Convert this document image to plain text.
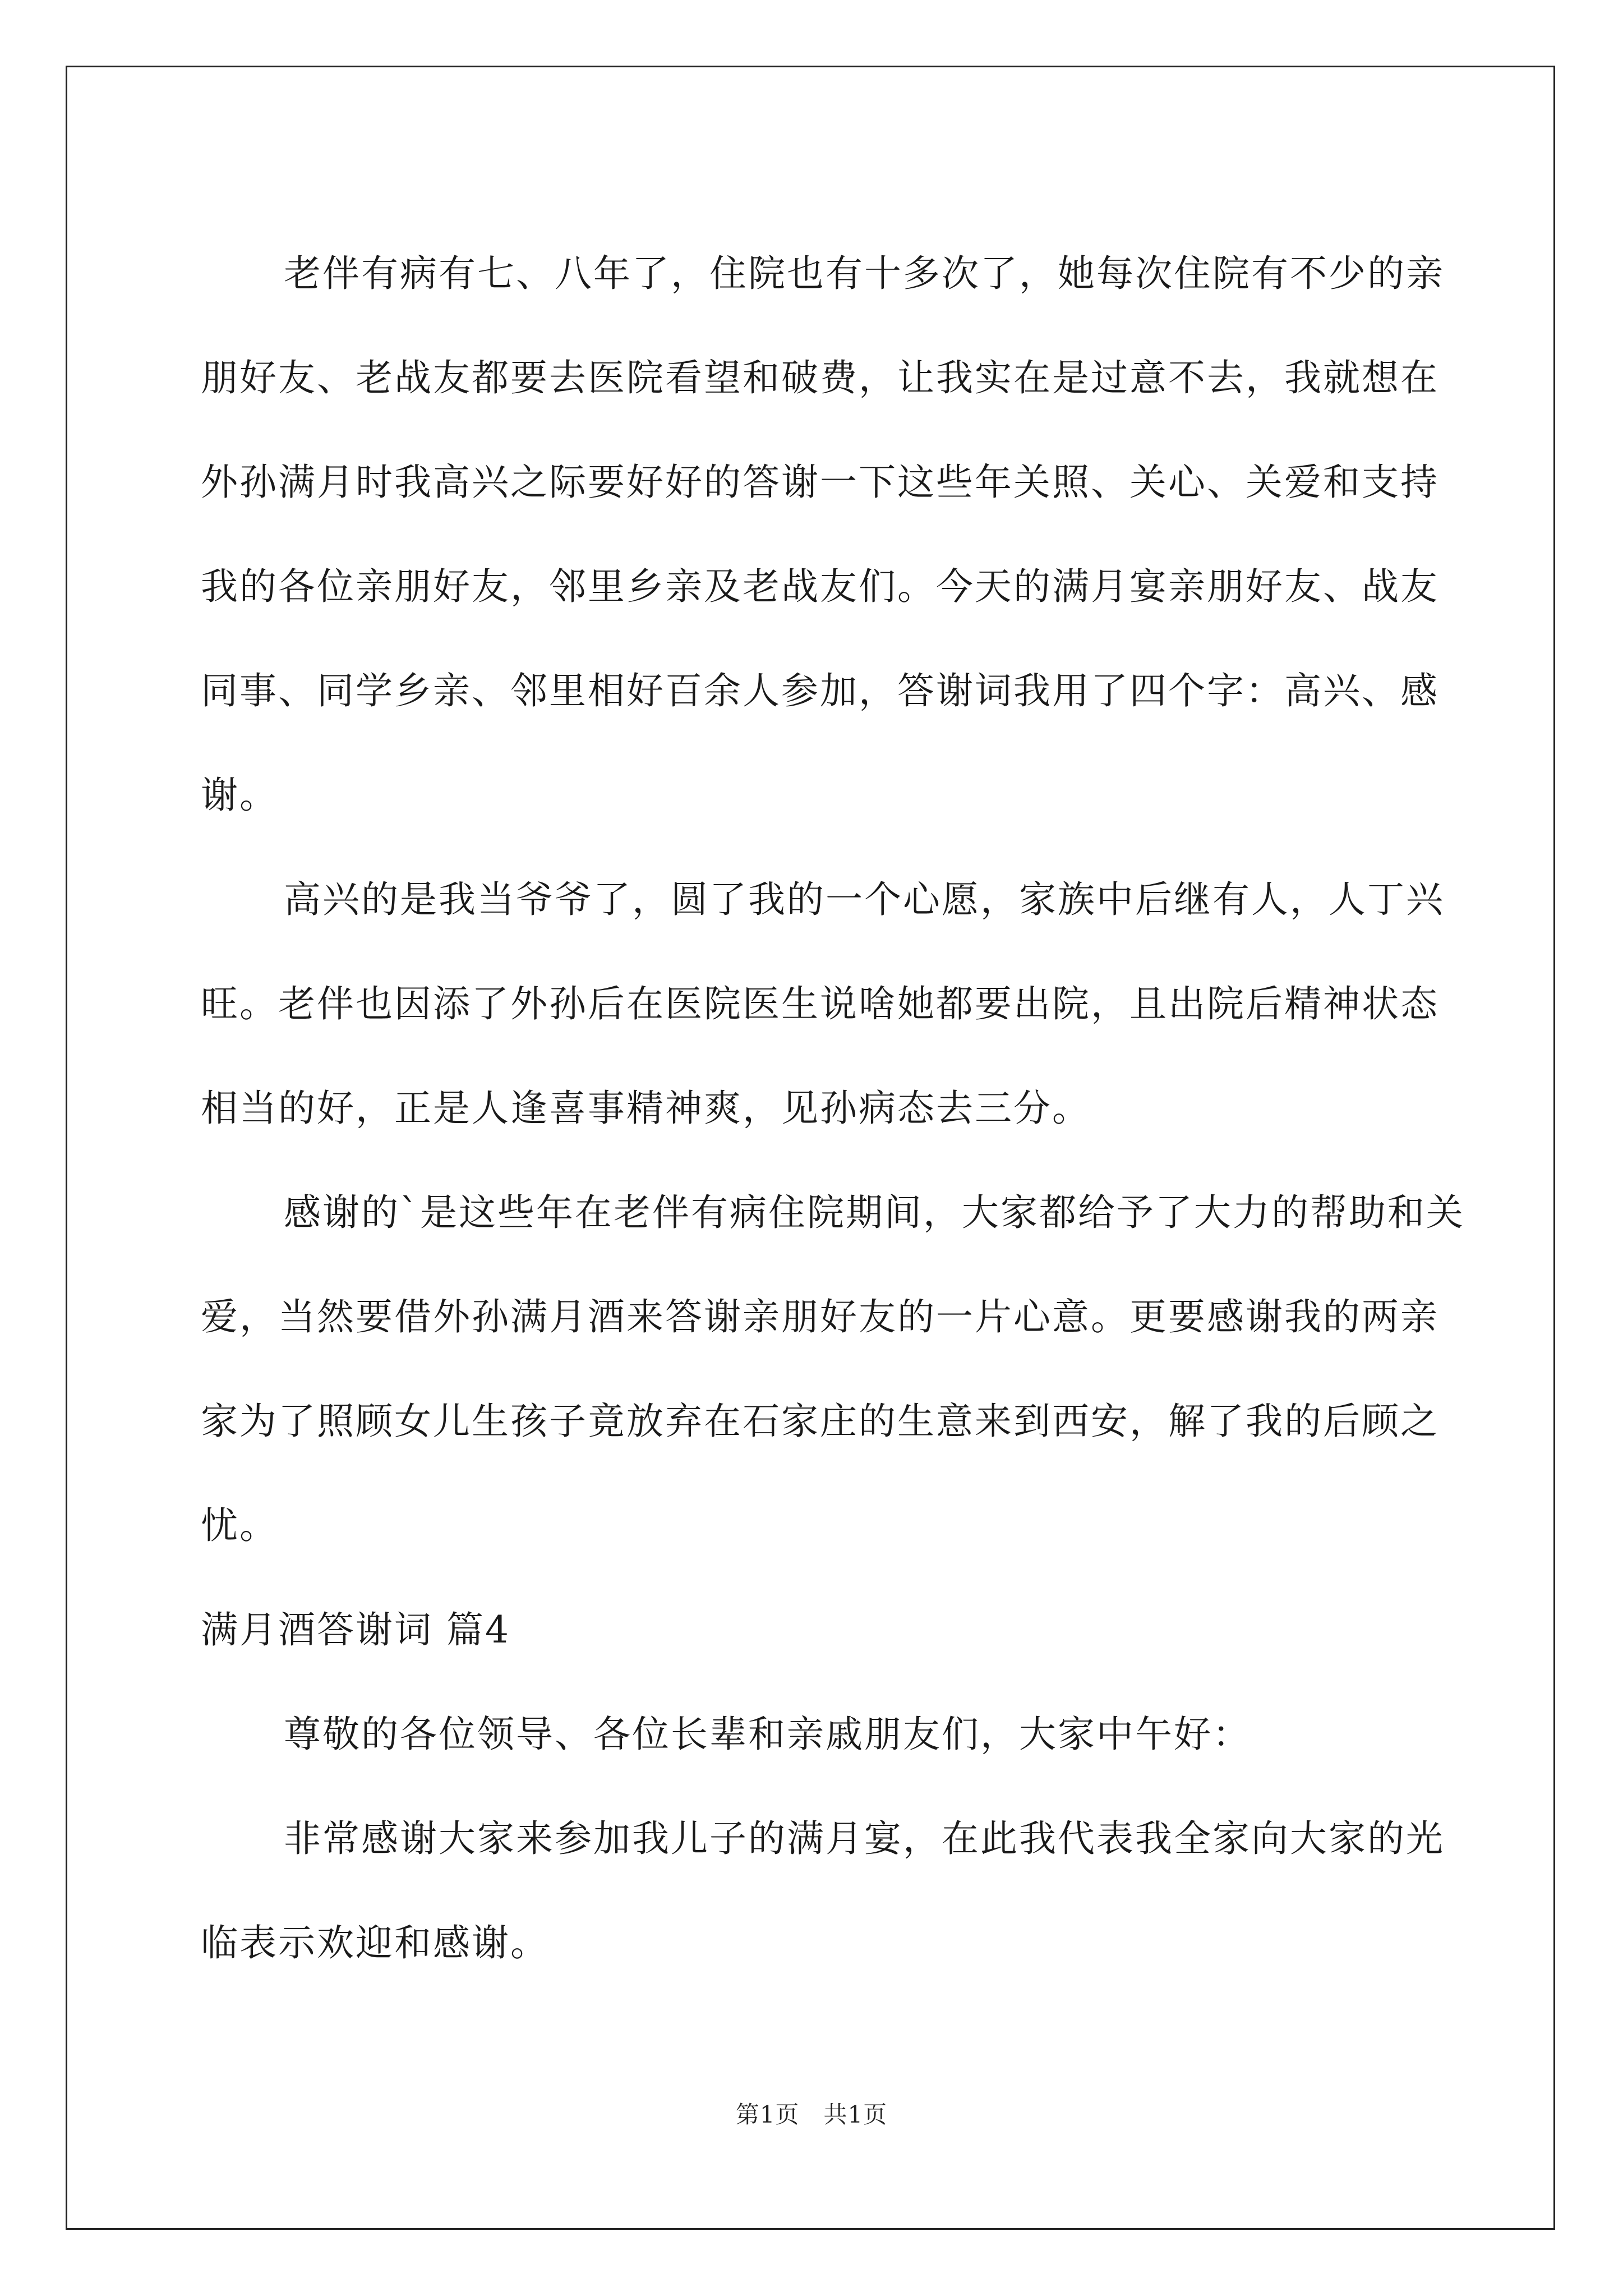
老伴有病有七、八年了，住院也有十多次了，她每次住院有不少的亲朋好友、老战友都要去医院看望和破费，让我实在是过意不去，我就想在外孙满月时我高兴之际要好好的答谢一下这些年关照、关心、关爱和支持我的各位亲朋好友，邻里乡亲及老战友们。今天的满月宴亲朋好友、战友同事、同学乡亲、邻里相好百余人参加，答谢词我用了四个字：高兴、感谢。

高兴的是我当爷爷了，圆了我的一个心愿，家族中后继有人，人丁兴旺。老伴也因添了外孙后在医院医生说啥她都要出院，且出院后精神状态相当的好，正是人逢喜事精神爽，见孙病态去三分。

感谢的`是这些年在老伴有病住院期间，大家都给予了大力的帮助和关爱，当然要借外孙满月酒来答谢亲朋好友的一片心意。更要感谢我的两亲家为了照顾女儿生孩子竟放弃在石家庄的生意来到西安，解了我的后顾之忧。

满月酒答谢词 篇4

尊敬的各位领导、各位长辈和亲戚朋友们，大家中午好：

非常感谢大家来参加我儿子的满月宴，在此我代表我全家向大家的光临表示欢迎和感谢。

第1页　共1页
